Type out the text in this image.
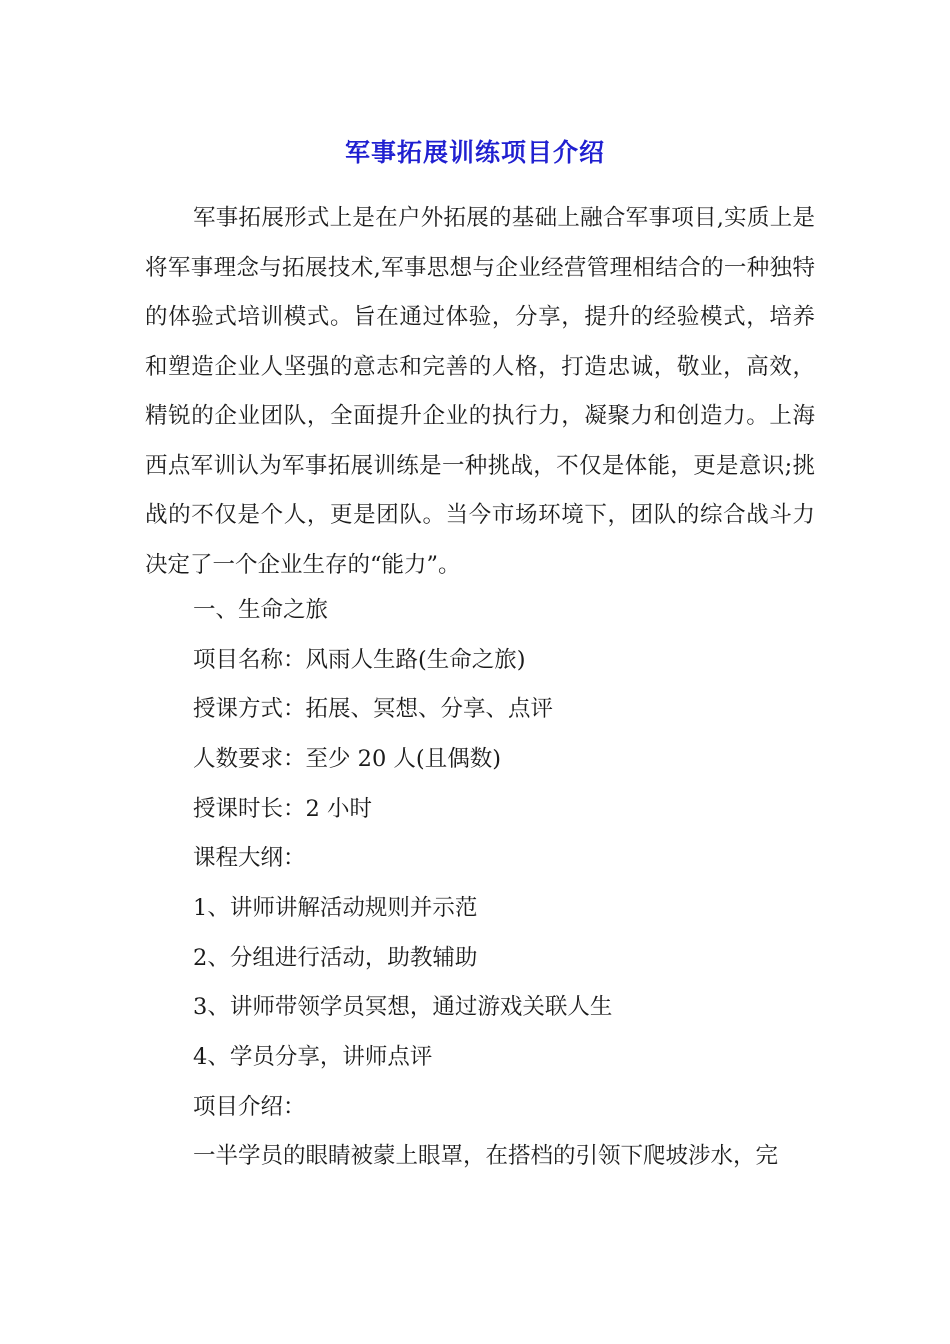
军事拓展训练项目介绍

军事拓展形式上是在户外拓展的基础上融合军事项目,实质上是将军事理念与拓展技术,军事思想与企业经营管理相结合的一种独特的体验式培训模式。旨在通过体验，分享，提升的经验模式，培养和塑造企业人坚强的意志和完善的人格，打造忠诚，敬业，高效，精锐的企业团队，全面提升企业的执行力，凝聚力和创造力。上海西点军训认为军事拓展训练是一种挑战，不仅是体能，更是意识;挑战的不仅是个人，更是团队。当今市场环境下，团队的综合战斗力决定了一个企业生存的“能力”。

一、生命之旅

项目名称：风雨人生路(生命之旅)

授课方式：拓展、冥想、分享、点评

人数要求：至少 20 人(且偶数)

授课时长：2 小时

课程大纲：

1、讲师讲解活动规则并示范

2、分组进行活动，助教辅助

3、讲师带领学员冥想，通过游戏关联人生

4、学员分享，讲师点评

项目介绍：

一半学员的眼睛被蒙上眼罩，在搭档的引领下爬坡涉水，完
